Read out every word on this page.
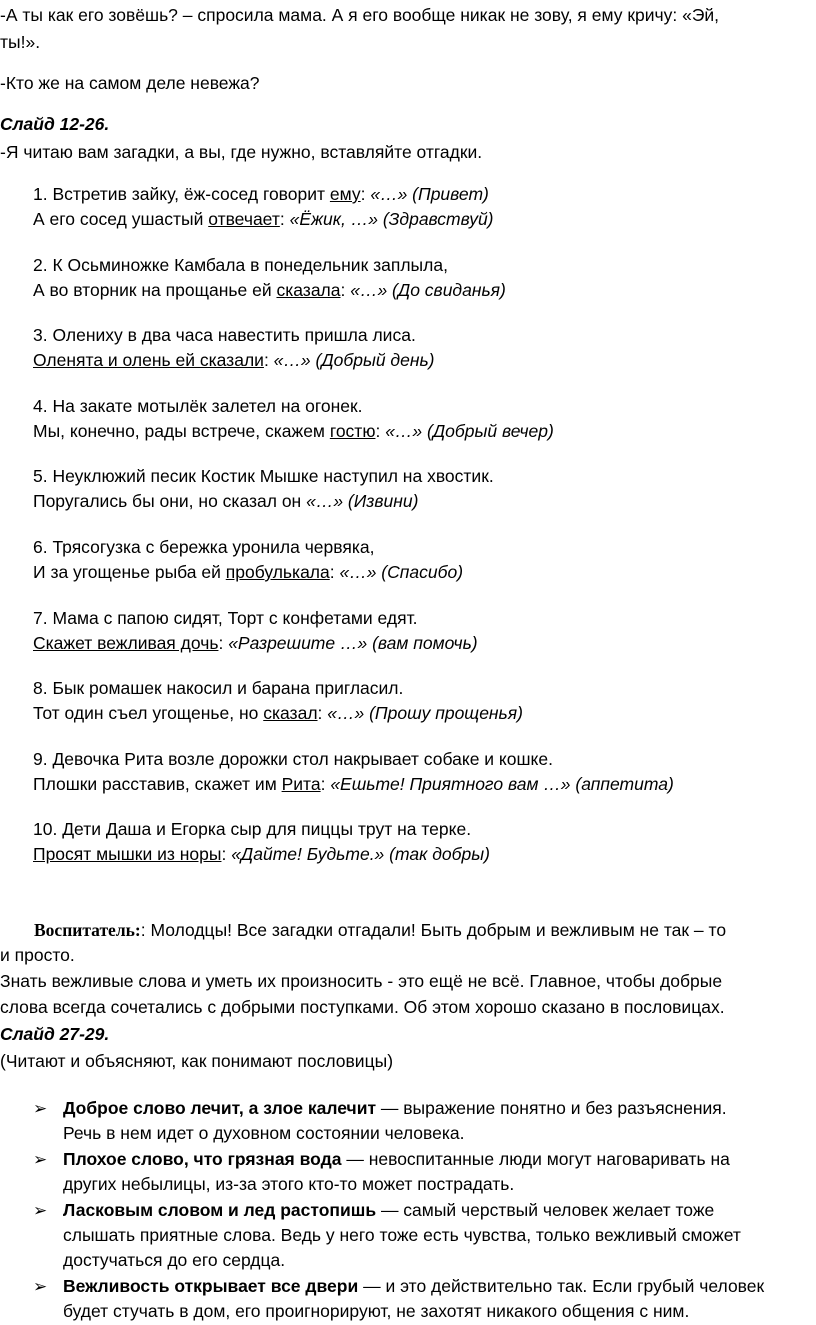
-А ты как его зовёшь? – спросила мама. А я его вообще никак не зову, я ему кричу: «Эй,
ты!».
-Кто же на самом деле невежа?
Слайд 12-26.
-Я читаю вам загадки, а вы, где нужно, вставляйте отгадки.
1. Встретив зайку, ёж-сосед говорит ему: «…» (Привет)
А его сосед ушастый отвечает: «Ёжик, …» (Здравствуй)
2. К Осьминожке Камбала в понедельник заплыла,
А во вторник на прощанье ей сказала: «…» (До свиданья)
3. Олениху в два часа навестить пришла лиса.
Оленята и олень ей сказали: «…» (Добрый день)
4. На закате мотылёк залетел на огонек.
Мы, конечно, рады встрече, скажем гостю: «…» (Добрый вечер)
5. Неуклюжий песик Костик Мышке наступил на хвостик.
Поругались бы они, но сказал он «…» (Извини)
6. Трясогузка с бережка уронила червяка,
И за угощенье рыба ей пробулькала: «…» (Спасибо)
7. Мама с папою сидят, Торт с конфетами едят.
Скажет вежливая дочь: «Разрешите …» (вам помочь)
8. Бык ромашек накосил и барана пригласил.
Тот один съел угощенье, но сказал: «…» (Прошу прощенья)
9. Девочка Рита возле дорожки стол накрывает собаке и кошке.
Плошки расставив, скажет им Рита: «Ешьте! Приятного вам …» (аппетита)
10. Дети Даша и Егорка сыр для пиццы трут на терке.
Просят мышки из норы: «Дайте! Будьте.» (так добры)
Воспитатель:: Молодцы! Все загадки отгадали! Быть добрым и вежливым не так – то
и просто.
Знать вежливые слова и уметь их произносить - это ещё не всё. Главное, чтобы добрые
слова всегда сочетались с добрыми поступками. Об этом хорошо сказано в пословицах.
Слайд 27-29.
(Читают и объясняют, как понимают пословицы)
➢ Доброе слово лечит, а злое калечит — выражение понятно и без разъяснения.
Речь в нем идет о духовном состоянии человека.
➢ Плохое слово, что грязная вода — невоспитанные люди могут наговаривать на
других небылицы, из-за этого кто-то может пострадать.
➢ Ласковым словом и лед растопишь — самый черствый человек желает тоже
слышать приятные слова. Ведь у него тоже есть чувства, только вежливый сможет
достучаться до его сердца.
➢ Вежливость открывает все двери — и это действительно так. Если грубый человек
будет стучать в дом, его проигнорируют, не захотят никакого общения с ним.
